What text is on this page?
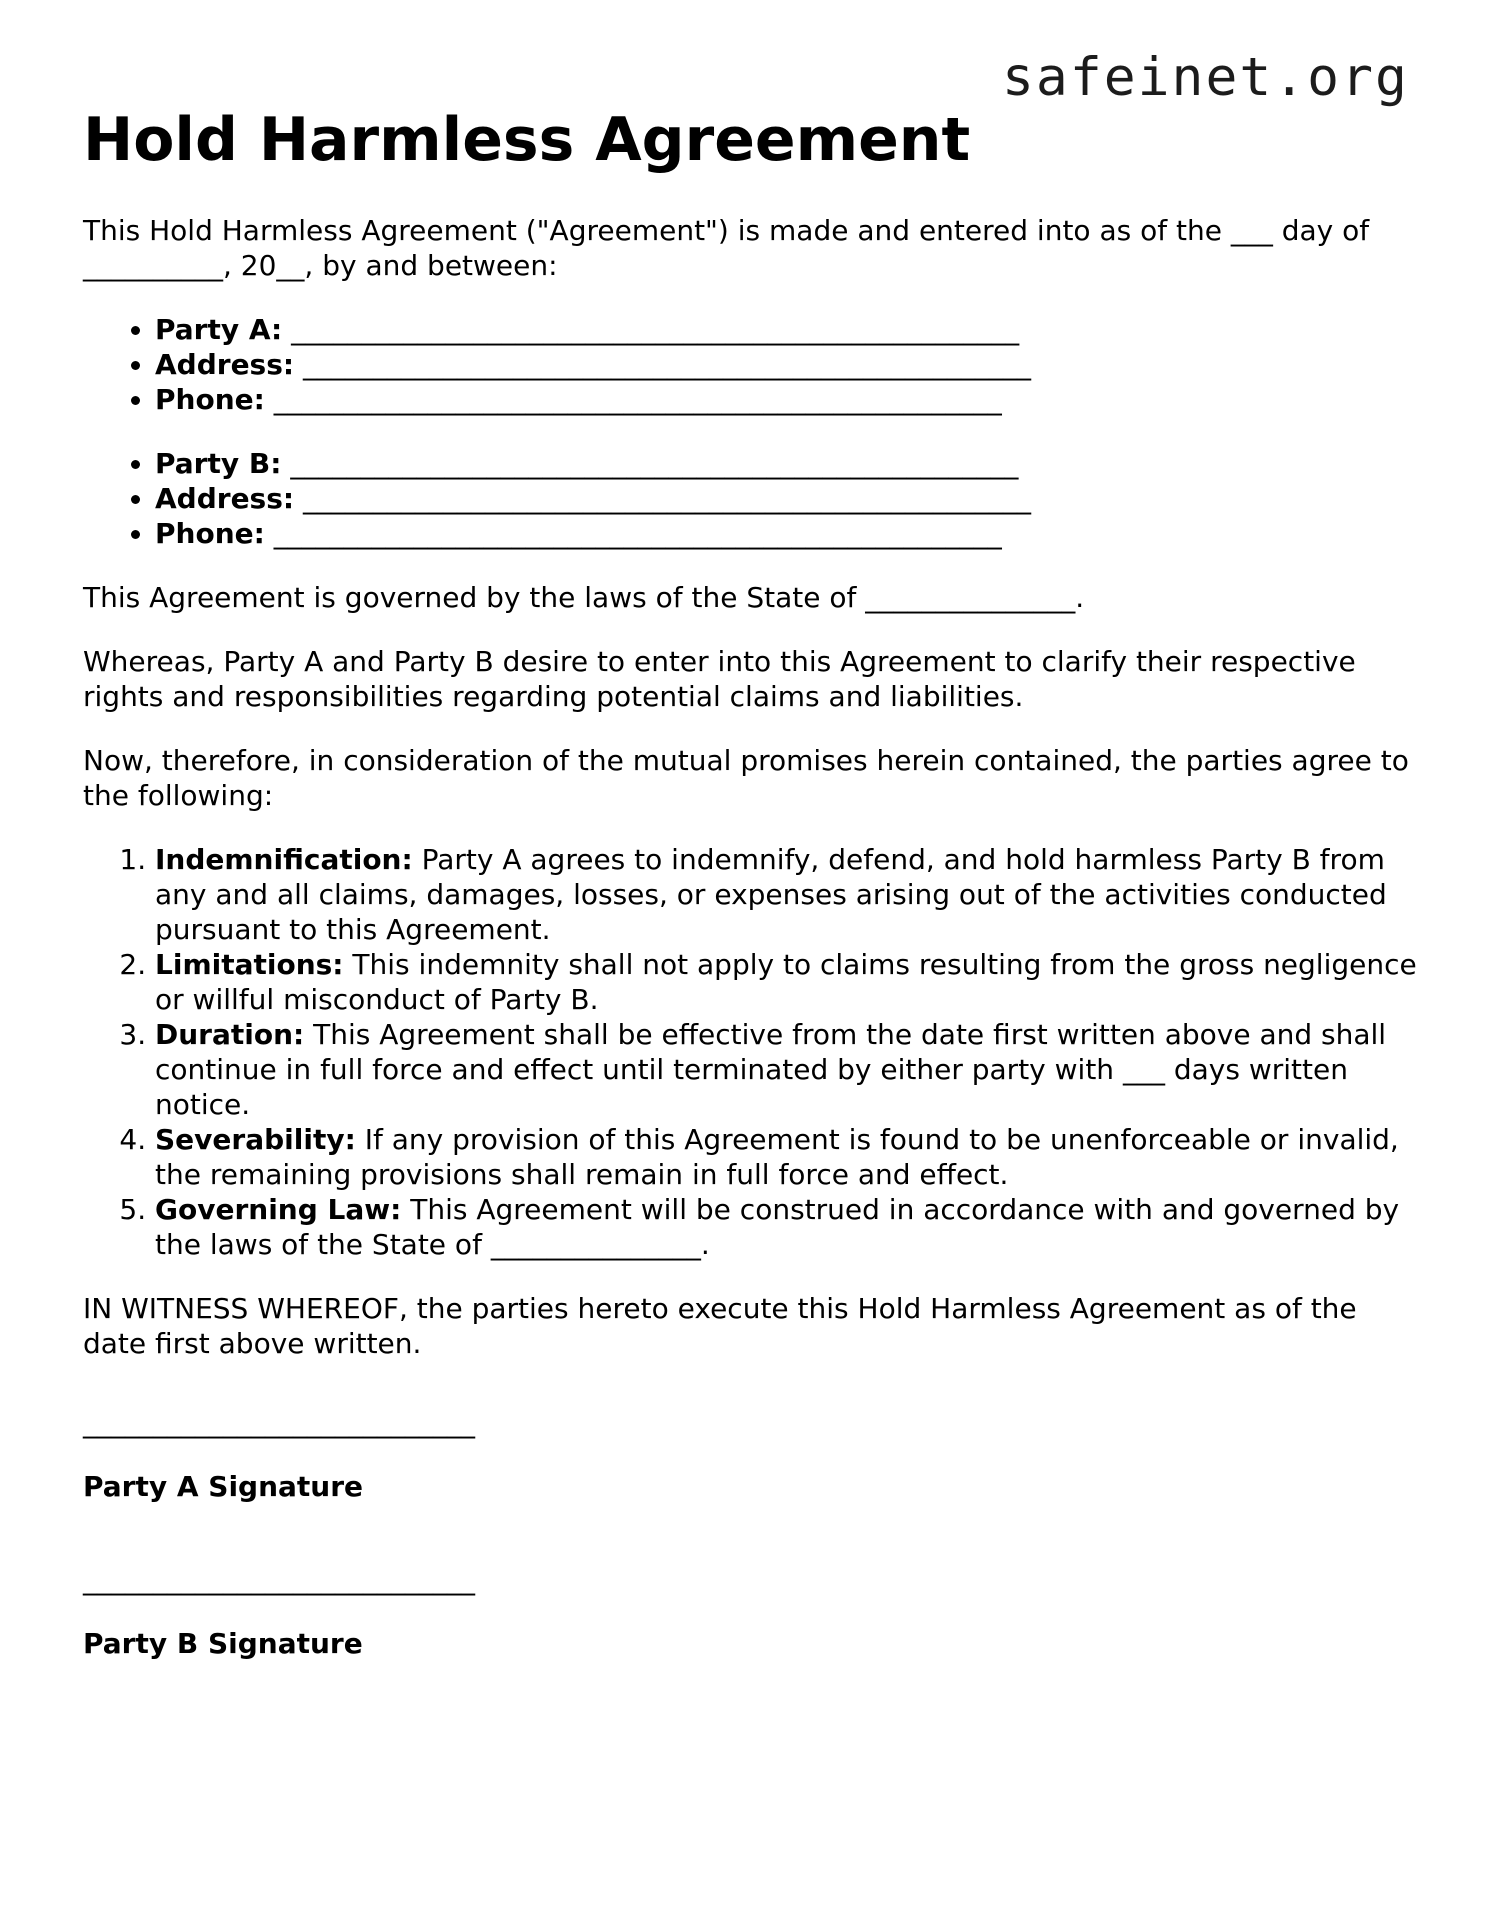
safeinet.org
Hold Harmless Agreement

This Hold Harmless Agreement ("Agreement") is made and entered into as of the ___ day of __________, 20__, by and between:

• Party A: ____________________________________________________
• Address: ____________________________________________________
• Phone: ____________________________________________________
• Party B: ____________________________________________________
• Address: ____________________________________________________
• Phone: ____________________________________________________

This Agreement is governed by the laws of the State of _______________.

Whereas, Party A and Party B desire to enter into this Agreement to clarify their respective rights and responsibilities regarding potential claims and liabilities.

Now, therefore, in consideration of the mutual promises herein contained, the parties agree to the following:

1. Indemnification: Party A agrees to indemnify, defend, and hold harmless Party B from any and all claims, damages, losses, or expenses arising out of the activities conducted pursuant to this Agreement.
2. Limitations: This indemnity shall not apply to claims resulting from the gross negligence or willful misconduct of Party B.
3. Duration: This Agreement shall be effective from the date first written above and shall continue in full force and effect until terminated by either party with ___ days written notice.
4. Severability: If any provision of this Agreement is found to be unenforceable or invalid, the remaining provisions shall remain in full force and effect.
5. Governing Law: This Agreement will be construed in accordance with and governed by the laws of the State of _______________.

IN WITNESS WHEREOF, the parties hereto execute this Hold Harmless Agreement as of the date first above written.

____________________________
Party A Signature
____________________________
Party B Signature
